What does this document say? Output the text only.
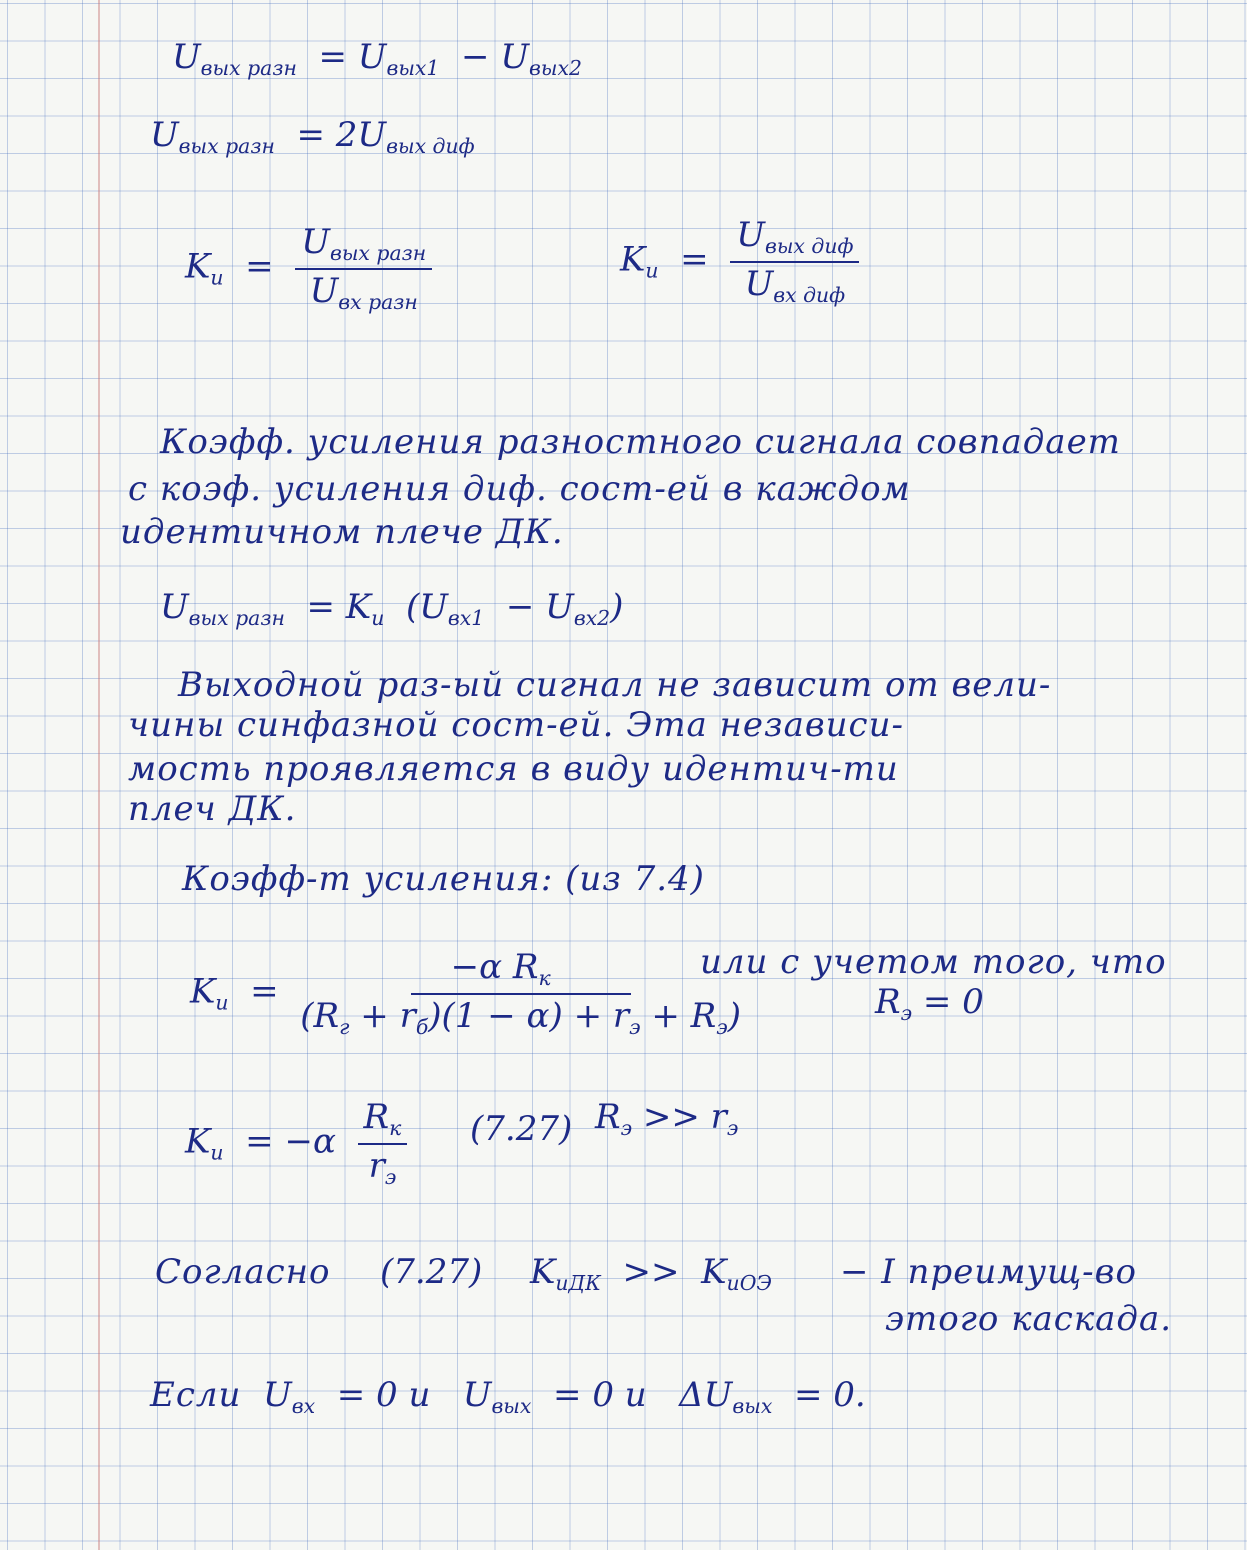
$U_{вых разн} = U_{вых1} - U_{вых2}$
$U_{вых разн} = 2U_{вых диф}$
$K_u = \frac{U_{вых разн}}{U_{вх разн}}$	$K_u = \frac{U_{вых диф}}{U_{вх диф}}$
Коэфф. усиления разностного сигнала совпадает
с коэф. усиления диф. сост-ей в каждом
идентичном плече ДК.
$U_{вых разн} = K_u$ $(U_{вх1} - U_{вх2})$
Выходной раз-ый сигнал не зависит от вели-
чины синфазной сост-ей. Эта независи-
мость проявляется в виду идентич-ти
плеч ДК.
Коэфф-т усиления: (из 7.4)
$K_u = \frac{-\alpha R_к}{(R_г + r_б)(1 - \alpha) + r_э + R_э)}$
или с учетом того, что
$R_э = 0$
$K_u = -\alpha \frac{R_к}{r_э} (7.27) R_э >> r_э$
Согласно (7.27) $K_{uДК} >> K_{uОЭ} - I$ преимущ-во
этого каскада.
Если $U_{вх} = 0$ и $U_{вых} = 0$ и $\Delta U_{вых} = 0$.
